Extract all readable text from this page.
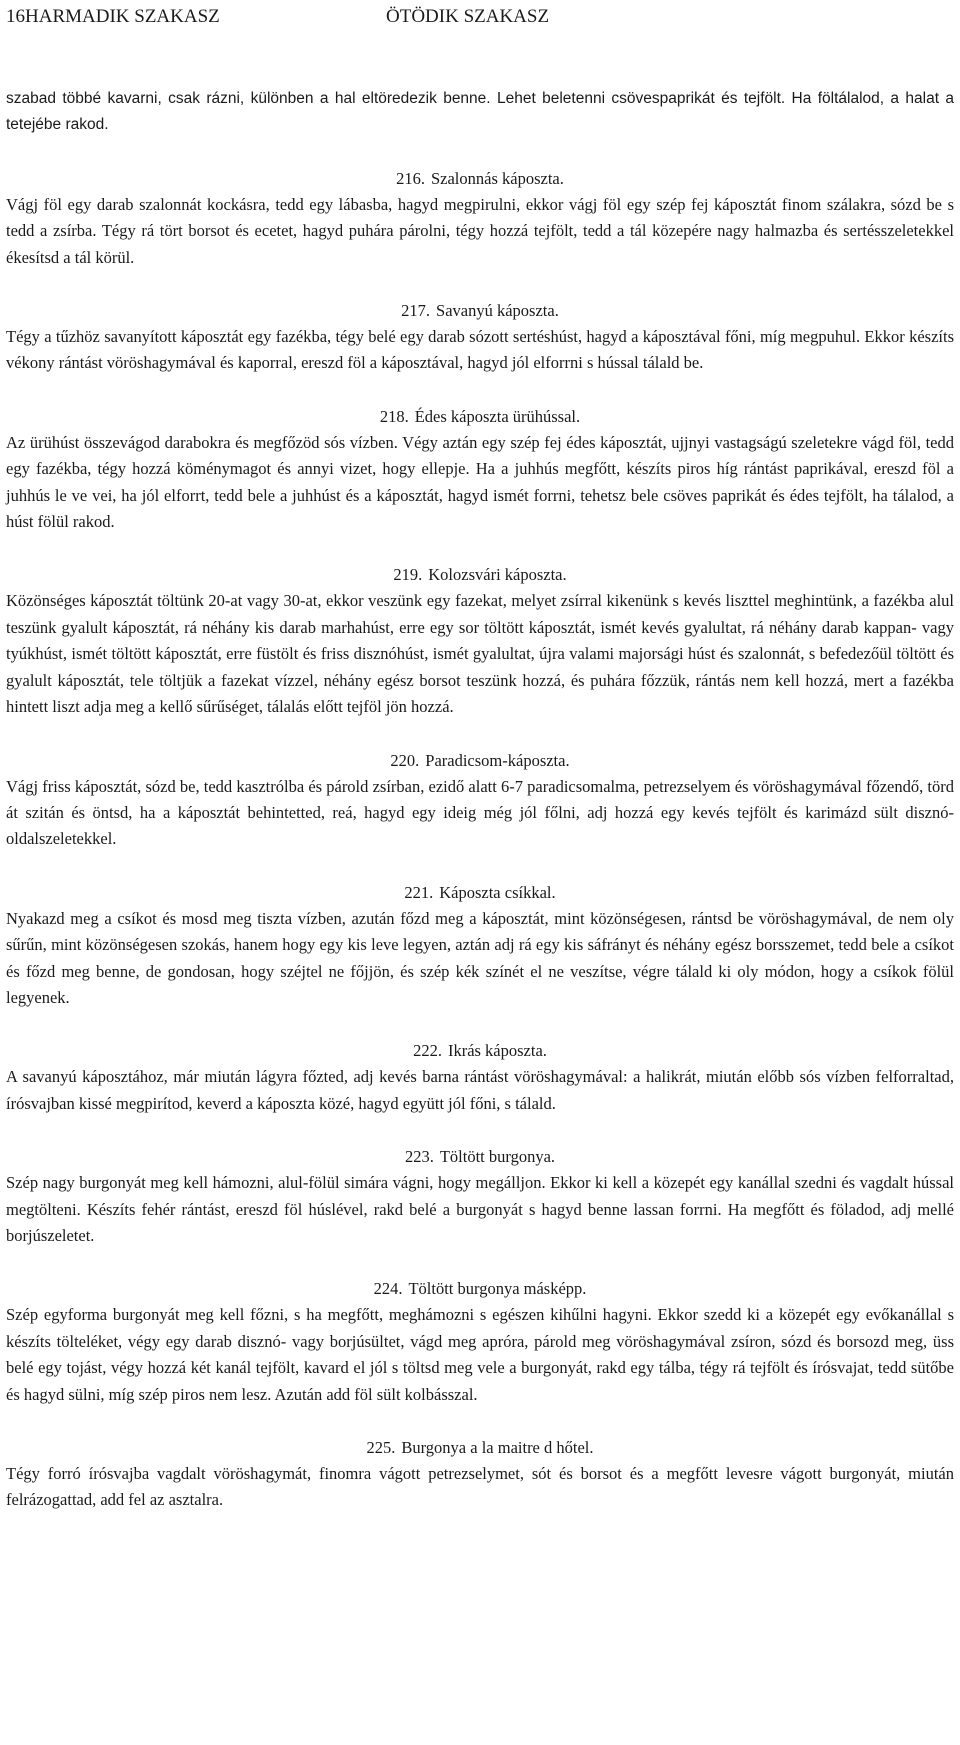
16HARMADIK SZAKASZ	ÖTÖDIK SZAKASZ

szabad többé kavarni, csak rázni, különben a hal eltöredezik benne. Lehet beletenni csövespaprikát és tejfölt. Ha föltálalod, a halat a tetejébe rakod.

216. Szalonnás káposzta.

Vágj föl egy darab szalonnát kockásra, tedd egy lábasba, hagyd megpirulni, ekkor vágj föl egy szép fej káposztát finom szálakra, sózd be s tedd a zsírba. Tégy rá tört borsot és ecetet, hagyd puhára párolni, tégy hozzá tejfölt, tedd a tál közepére nagy halmazba és sertésszeletekkel ékesítsd a tál körül.

217. Savanyú káposzta.

Tégy a tűzhöz savanyított káposztát egy fazékba, tégy belé egy darab sózott sertéshúst, hagyd a káposztával főni, míg megpuhul. Ekkor készíts vékony rántást vöröshagymával és kaporral, ereszd föl a káposztával, hagyd jól elforrni s hússal tálald be.

218. Édes káposzta ürühússal.

Az ürühúst összevágod darabokra és megfőzöd sós vízben. Végy aztán egy szép fej édes káposztát, ujjnyi vastagságú szeletekre vágd föl, tedd egy fazékba, tégy hozzá köménymagot és annyi vizet, hogy ellepje. Ha a juhhús megfőtt, készíts piros híg rántást paprikával, ereszd föl a juhhús le ve vei, ha jól elforrt, tedd bele a juhhúst és a káposztát, hagyd ismét forrni, tehetsz bele csöves paprikát és édes tejfölt, ha tálalod, a húst fölül rakod.

219. Kolozsvári káposzta.

Közönséges káposztát töltünk 20-at vagy 30-at, ekkor veszünk egy fazekat, melyet zsírral kikenünk s kevés liszttel meghintünk, a fazékba alul teszünk gyalult káposztát, rá néhány kis darab marhahúst, erre egy sor töltött káposztát, ismét kevés gyalultat, rá néhány darab kappan- vagy tyúkhúst, ismét töltött káposztát, erre füstölt és friss disznóhúst, ismét gyalultat, újra valami majorsági húst és szalonnát, s befedezőül töltött és gyalult káposztát, tele töltjük a fazekat vízzel, néhány egész borsot teszünk hozzá, és puhára főzzük, rántás nem kell hozzá, mert a fazékba hintett liszt adja meg a kellő sűrűséget, tálalás előtt tejföl jön hozzá.

220. Paradicsom-káposzta.

Vágj friss káposztát, sózd be, tedd kasztrólba és párold zsírban, ezidő alatt 6-7 paradicsomalma, petrezselyem és vöröshagymával főzendő, törd át szitán és öntsd, ha a káposztát behintetted, reá, hagyd egy ideig még jól főlni, adj hozzá egy kevés tejfölt és karimázd sült disznó-oldalszeletekkel.

221. Káposzta csíkkal.

Nyakazd meg a csíkot és mosd meg tiszta vízben, azután főzd meg a káposztát, mint közönségesen, rántsd be vöröshagymával, de nem oly sűrűn, mint közönségesen szokás, hanem hogy egy kis leve legyen, aztán adj rá egy kis sáfrányt és néhány egész borsszemet, tedd bele a csíkot és főzd meg benne, de gondosan, hogy széjtel ne főjjön, és szép kék színét el ne veszítse, végre tálald ki oly módon, hogy a csíkok fölül legyenek.

222. Ikrás káposzta.

A savanyú káposztához, már miután lágyra főzted, adj kevés barna rántást vöröshagymával: a halikrát, miután előbb sós vízben felforraltad, írósvajban kissé megpirítod, keverd a káposzta közé, hagyd együtt jól főni, s tálald.

223. Töltött burgonya.

Szép nagy burgonyát meg kell hámozni, alul-fölül simára vágni, hogy megálljon. Ekkor ki kell a közepét egy kanállal szedni és vagdalt hússal megtölteni. Készíts fehér rántást, ereszd föl húslével, rakd belé a burgonyát s hagyd benne lassan forrni. Ha megfőtt és föladod, adj mellé borjúszeletet.

224. Töltött burgonya másképp.

Szép egyforma burgonyát meg kell főzni, s ha megfőtt, meghámozni s egészen kihűlni hagyni. Ekkor szedd ki a közepét egy evőkanállal s készíts tölteléket, végy egy darab disznó- vagy borjúsültet, vágd meg apróra, párold meg vöröshagymával zsíron, sózd és borsozd meg, üss belé egy tojást, végy hozzá két kanál tejfölt, kavard el jól s töltsd meg vele a burgonyát, rakd egy tálba, tégy rá tejfölt és írósvajat, tedd sütőbe és hagyd sülni, míg szép piros nem lesz. Azután add föl sült kolbásszal.

225. Burgonya a la maitre d hőtel.

Tégy forró írósvajba vagdalt vöröshagymát, finomra vágott petrezselymet, sót és borsot és a megfőtt levesre vágott burgonyát, miután felrázogattad, add fel az asztalra.
